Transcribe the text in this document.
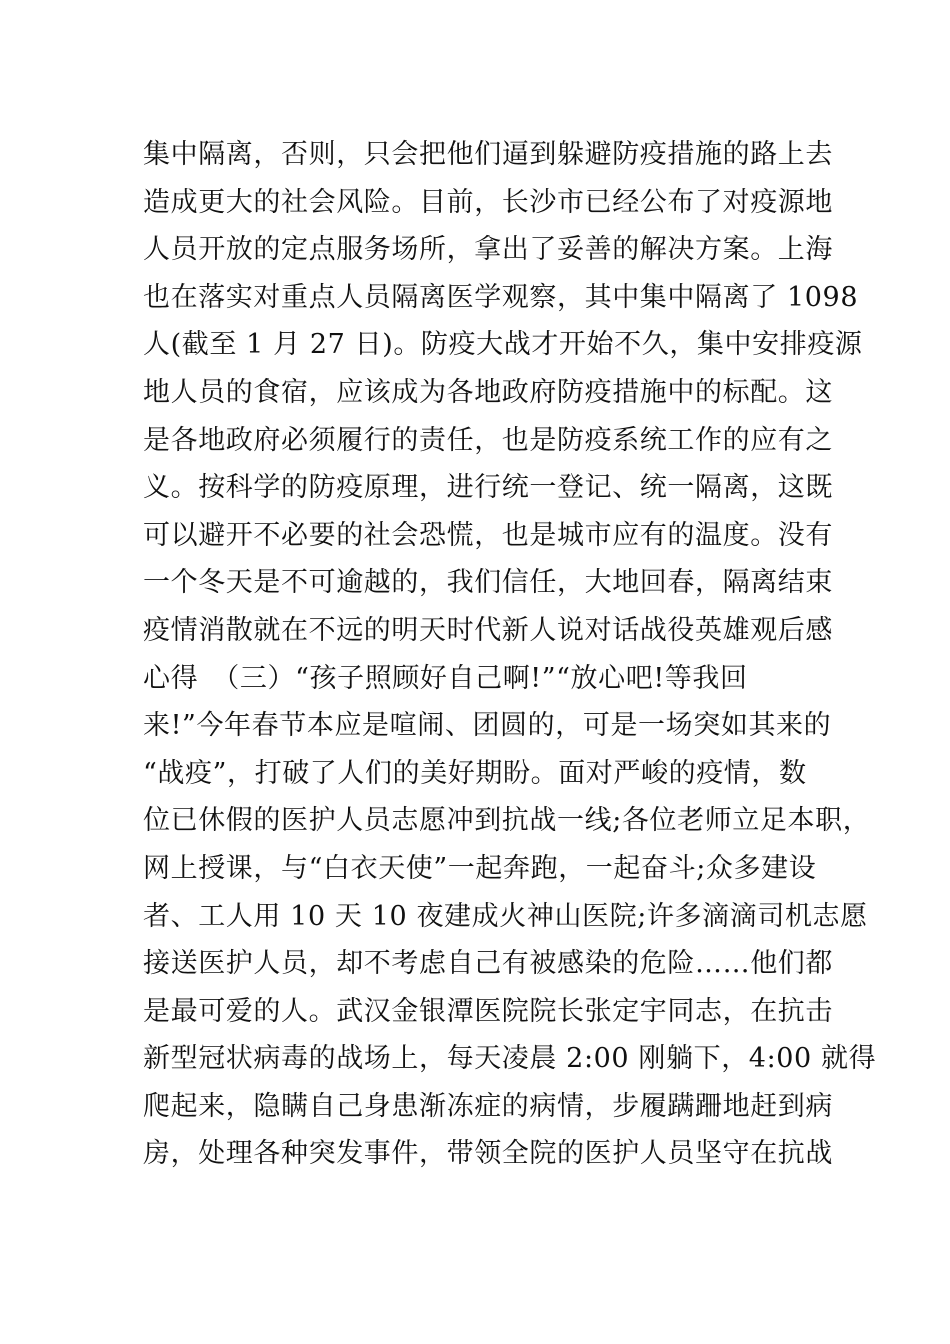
集中隔离，否则，只会把他们逼到躲避防疫措施的路上去
造成更大的社会风险。目前，长沙市已经公布了对疫源地
人员开放的定点服务场所，拿出了妥善的解决方案。上海
也在落实对重点人员隔离医学观察，其中集中隔离了 1098
人(截至 1 月 27 日)。防疫大战才开始不久，集中安排疫源
地人员的食宿，应该成为各地政府防疫措施中的标配。这
是各地政府必须履行的责任，也是防疫系统工作的应有之
义。按科学的防疫原理，进行统一登记、统一隔离，这既
可以避开不必要的社会恐慌，也是城市应有的温度。没有
一个冬天是不可逾越的，我们信任，大地回春，隔离结束
疫情消散就在不远的明天时代新人说对话战役英雄观后感
心得　（三）“孩子照顾好自己啊!”“放心吧!等我回
来!”今年春节本应是喧闹、团圆的，可是一场突如其来的
“战疫”，打破了人们的美好期盼。面对严峻的疫情，数
位已休假的医护人员志愿冲到抗战一线;各位老师立足本职，
网上授课，与“白衣天使”一起奔跑，一起奋斗;众多建设
者、工人用 10 天 10 夜建成火神山医院;许多滴滴司机志愿
接送医护人员，却不考虑自己有被感染的危险……他们都
是最可爱的人。武汉金银潭医院院长张定宇同志，在抗击
新型冠状病毒的战场上，每天凌晨 2:00 刚躺下，4:00 就得
爬起来，隐瞒自己身患渐冻症的病情，步履蹒跚地赶到病
房，处理各种突发事件，带领全院的医护人员坚守在抗战
